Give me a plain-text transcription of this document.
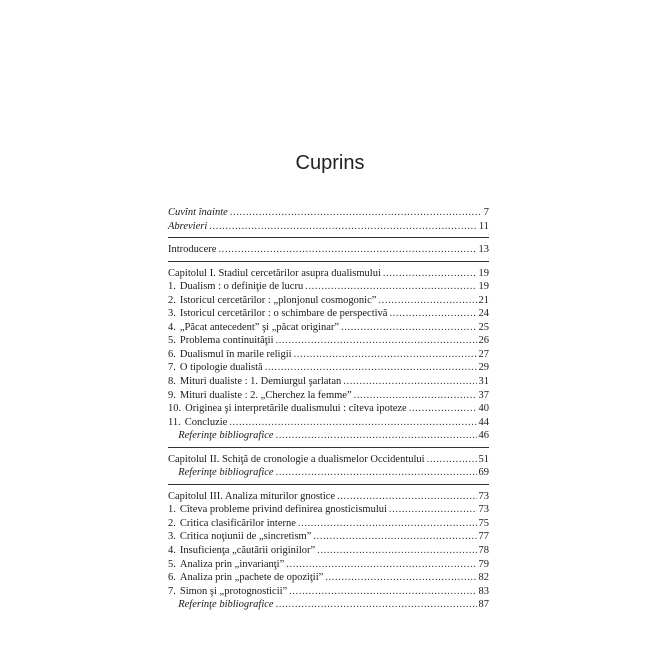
Cuprins
Cuvînt înainte .....	7
Abrevieri .....	11
Introducere .....	13
Capitolul I. Stadiul cercetărilor asupra dualismului .....	19
1. Dualism : o definiţie de lucru .....	19
2. Istoricul cercetărilor : „plonjonul cosmogonic” .....	21
3. Istoricul cercetărilor : o schimbare de perspectivă .....	24
4. „Păcat antecedent” şi „păcat originar” .....	25
5. Problema continuităţii .....	26
6. Dualismul în marile religii .....	27
7. O tipologie dualistă .....	29
8. Mituri dualiste : 1. Demiurgul şarlatan .....	31
9. Mituri dualiste : 2. „Cherchez la femme” .....	37
10. Originea şi interpretările dualismului : cîteva ipoteze .....	40
11. Concluzie .....	44
Referinţe bibliografice .....	46
Capitolul II. Schiţă de cronologie a dualismelor Occidentului .....	51
Referinţe bibliografice .....	69
Capitolul III. Analiza miturilor gnostice .....	73
1. Cîteva probleme privind definirea gnosticismului .....	73
2. Critica clasificărilor interne .....	75
3. Critica noţiunii de „sincretism” .....	77
4. Insuficienţa „căutării originilor” .....	78
5. Analiza prin „invarianţi” .....	79
6. Analiza prin „pachete de opoziţii” .....	82
7. Simon şi „protognosticii” .....	83
Referinţe bibliografice .....	87
